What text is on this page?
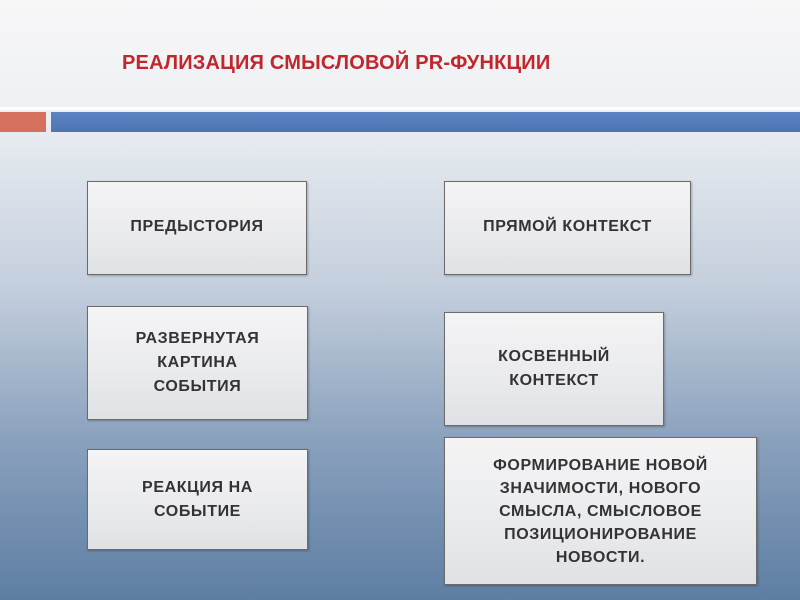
РЕАЛИЗАЦИЯ СМЫСЛОВОЙ PR-ФУНКЦИИ
ПРЕДЫСТОРИЯ
РАЗВЕРНУТАЯ
КАРТИНА
СОБЫТИЯ
РЕАКЦИЯ НА СОБЫТИЕ
ПРЯМОЙ КОНТЕКСТ
КОСВЕННЫЙ
КОНТЕКСТ
ФОРМИРОВАНИЕ НОВОЙ ЗНАЧИМОСТИ, НОВОГО СМЫСЛА, СМЫСЛОВОЕ ПОЗИЦИОНИРОВАНИЕ НОВОСТИ.
